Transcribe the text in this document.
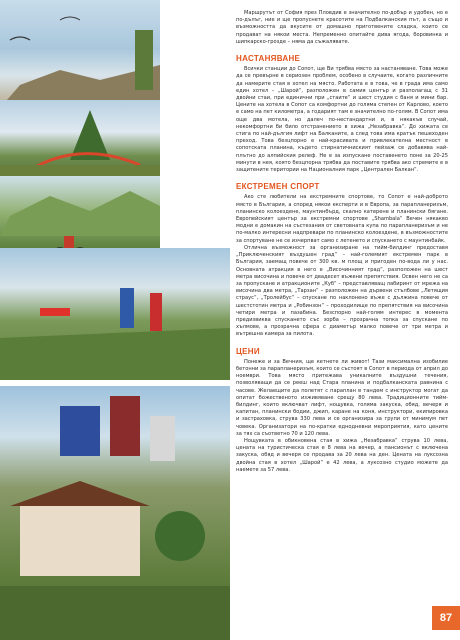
Маршрутът от София през Пловдив е значително по-добър и удобен, но е по-дълъг, ние и ще пропуснете красотите на Подбалканския път, а също и възможността да вкусите от домашно приготвените сладка, които се продават на някои места. Непременно опитайте дива ягода, боровинка и шипкарско-грозде – няма да съжалявате.

НАСТАНЯВАНЕ

Всички станции до Сопот, ще Ви трябва място за настаняване. Това може да се превърне в сериозен проблем, особено в случаите, когато различните да намерите стая в хотел на място. Работата е в това, че в града има само един хотел – „Шарой“, разположен в самия център и разполагащ с 31 двойни стаи, при единични при „стаите“ и шест студия с баня и мини бар. Цените на хотела в Сопот са комфортни до голяма степен от Карлово, което е само на пет километра, а годарият там е значително по-голям. В Сопот има още два мотела, но далеч по-нестандартни и, в някакъв случай, некомфортни би било отстранението в хижа „Незабравка“. До хижата се стига по най-дългия лифт на Балканите, а след това има кратък пешеходен преход. Това безцпорно е най-красивата и привлекателна местност в сопотската планина, където стирнатичниският пейзаж се добавява най-плътно до алпийския релеф. Не е за изпускане поставенето поне за 20-25 минути в нея, която безцпорна трябва да поставите трябва ако стремите е в защитените територии на Националния парк „Централен Балкан“.

ЕКСТРЕМЕН СПОРТ

Ако сте любители на екстремните спортове, то Сопот е най-доброто място в България, а според някои експерти и в Европа, за парапланеризъм, планинско колоездене, маунтинбърд, скално катерене и планински бягане. Европейският център за екстремни спортове „Shambala“ Вечен някакво модни е домакин на състезания от световната купа по парапланеризъм и не по-малко интересни надпревари по планинско колоездене, в възможностите за спортуване не се изчерпват само с летенето и спускането с маунтинбайк.

Отлична възможност за организиране на тийм-билдинг предоставя „Приключенският въздушен град“ – най-големият екстремен парк в България, заемащ повече от 300 кв. м площ и пригоден по-вода ли у нас. Основната атракция в него е „Височинният град“, разположен на шест метра височина и повече от двадесет въжени препятствия. Освен него не са за пропускане и атракционите „Куб“ – представляващ лабиринт от мрежа на височина два метра, „Тарзан“ – разположен на дървени стълбове „Летящия страус“, „Тролейбус“ – спускане по наклонено въже с дължина повече от шестстотин метра и „Робинзон“ – проходилище по препятствия на височина четири метра и пазабина. Безспорно най-голям интерес в момента предизвиква спускането със зорба – прозрачна топка за спускане по хълмове, а прозрачна сфера с диаметър малко повече от три метра и вътрешна камера за пилота.

ЦЕНИ

Понеже и за Вечния, ще кетнете ли живот! Тази максимална изобилие бетонни за парапланеризъм, които се състоят в Сопот в периода от април до ноември. Това място притежава уникалните въздушни течения, позволяващи да се рееш над Стара планина и подбалканската равнина с часове. Желаещите да полетят с параплан в тандем с инструктор могат да опитат божественото изживяване срещу 80 лева. Традиционните тийм-билдинг, които включват лифт, нощувка, голяма закуска, обяд, вечеря и капитан, планински бодии, джип, каране на коня, инструктори, екипировка и застраховка, струва 330 лева и се организира за групи от минимум пет човека. Организатори на по-кратки еднодневни мероприятия, като цените за тях са съответно 70 и 120 лева.

Нощувката в обикновена стая в хижа „Незабравка“ струва 10 лева, цената на туристическа стая е 8 лева на вечер, а пансионът с включена закуска, обяд и вечеря се продава за 20 лева на ден. Цената на луксозна двойна стая в хотел „Шарой“ е 42 лева, а луксозно студио можете да наемете за 57 лева.

87
